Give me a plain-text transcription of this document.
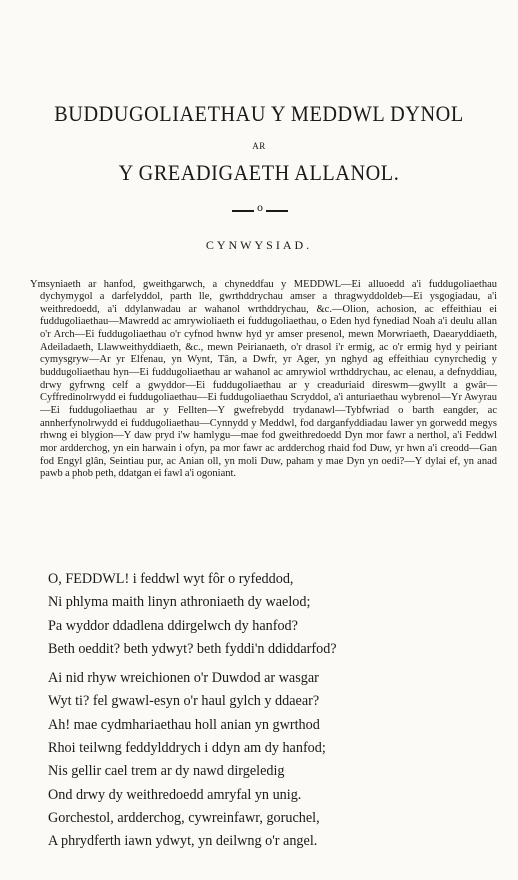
BUDDUGOLIAETHAU Y MEDDWL DYNOL
AR
Y GREADIGAETH ALLANOL.
o
CYNWYSIAD.

Ymsyniaeth ar hanfod, gweithgarwch, a chyneddfau y MEDDWL—Ei alluoedd a'i fuddugoliaethau dychymygol a darfelyddol, parth lle, gwrthddrychau amser a thragwyddoldeb—Ei ysgogiadau, a'i weithredoedd, a'i ddylanwadau ar wahanol wrthddrychau, &c.—Olion, achosion, ac effeithiau ei fuddugoliaethau—Mawredd ac amrywioliaeth ei fuddugoliaethau, o Eden hyd fynediad Noah a'i deulu allan o'r Arch—Ei fuddugoliaethau o'r cyfnod hwnw hyd yr amser presenol, mewn Morwriaeth, Daearyddiaeth, Adeiladaeth, Llawweithyddiaeth, &c., mewn Peirianaeth, o'r drasol i'r ermig, ac o'r ermig hyd y peiriant cymysgryw—Ar yr Elfenau, yn Wynt, Tân, a Dwfr, yr Ager, yn nghyd ag effeithiau cynyrchedig y buddugoliaethau hyn—Ei fuddugoliaethau ar wahanol ac amrywiol wrthddrychau, ac elenau, a defnyddiau, drwy gyfrwng celf a gwyddor—Ei fuddugoliaethau ar y creaduriaid direswm—gwyllt a gwâr—Cyffredinolrwydd ei fuddugoliaethau—Ei fuddugoliaethau Scryddol, a'i anturiaethau wybrenol—Yr Awyrau—Ei fuddugoliaethau ar y Fellten—Y gwefrebydd trydanawl—Tybfwriad o barth eangder, ac annherfynolrwydd ei fuddugoliaethau—Cynnydd y Meddwl, fod darganfyddiadau lawer yn gorwedd megys rhwng ei blygion—Y daw pryd i'w hamlygu—mae fod gweithredoedd Dyn mor fawr a nerthol, a'i Feddwl mor ardderchog, yn ein harwain i ofyn, pa mor fawr ac ardderchog rhaid fod Duw, yr hwn a'i creodd—Gan fod Engyl glân, Seintiau pur, ac Anian oll, yn moli Duw, paham y mae Dyn yn oedi?—Y dylai ef, yn anad pawb a phob peth, ddatgan ei fawl a'i ogoniant.

O, FEDDWL! i feddwl wyt fôr o ryfeddod,
Ni phlyma maith linyn athroniaeth dy waelod;
Pa wyddor ddadlena ddirgelwch dy hanfod?
Beth oeddit? beth ydwyt? beth fyddi'n ddiddarfod?
Ai nid rhyw wreichionen o'r Duwdod ar wasgar
Wyt ti? fel gwawl-esyn o'r haul gylch y ddaear?
Ah! mae cydmhariaethau holl anian yn gwrthod
Rhoi teilwng feddylddrych i ddyn am dy hanfod;
Nis gellir cael trem ar dy nawd dirgeledig
Ond drwy dy weithredoedd amryfal yn unig.
Gorchestol, ardderchog, cywreinfawr, goruchel,
A phrydferth iawn ydwyt, yn deilwng o'r angel.
